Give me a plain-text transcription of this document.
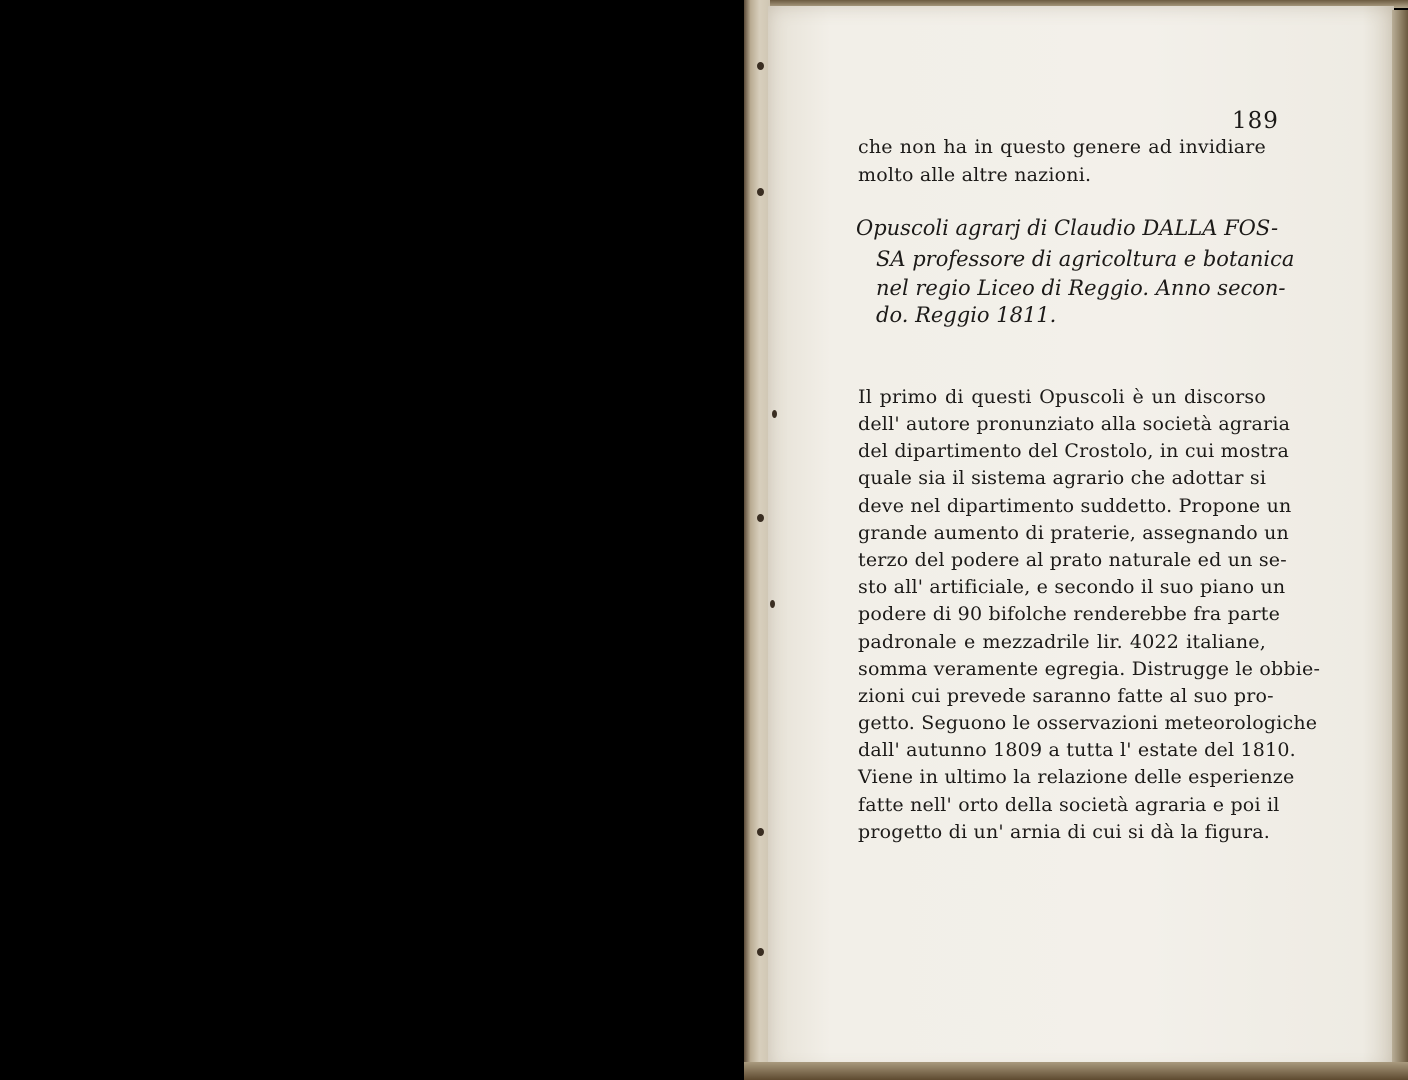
189

che non ha in questo genere ad invidiare

molto alle altre nazioni.

Opuscoli agrarj di Claudio DALLA FOS-

SA professore di agricoltura e botanica

nel regio Liceo di Reggio. Anno secon-

do. Reggio 1811.

Il primo di questi Opuscoli è un discorso

dell' autore pronunziato alla società agraria

del dipartimento del Crostolo, in cui mostra

quale sia il sistema agrario che adottar si

deve nel dipartimento suddetto. Propone un

grande aumento di praterie, assegnando un

terzo del podere al prato naturale ed un se-

sto all' artificiale, e secondo il suo piano un

podere di 90 bifolche renderebbe fra parte

padronale e mezzadrile lir. 4022 italiane,

somma veramente egregia. Distrugge le obbie-

zioni cui prevede saranno fatte al suo pro-

getto. Seguono le osservazioni meteorologiche

dall' autunno 1809 a tutta l' estate del 1810.

Viene in ultimo la relazione delle esperienze

fatte nell' orto della società agraria e poi il

progetto di un' arnia di cui si dà la figura.
